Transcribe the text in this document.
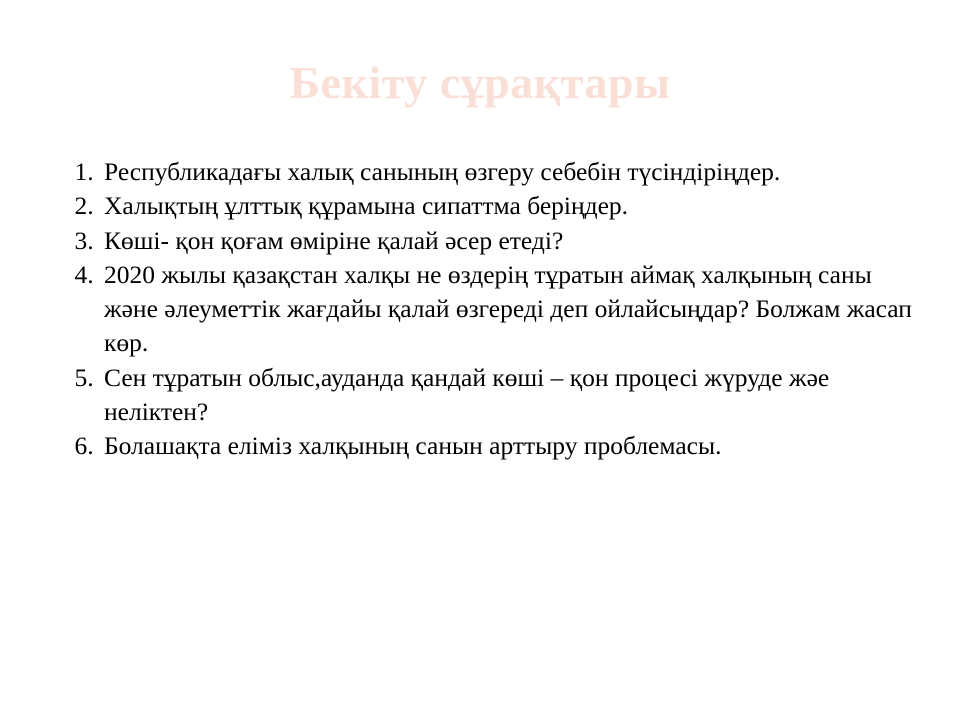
Бекіту сұрақтары
1. Республикадағы халық санының өзгеру себебін түсіндіріңдер.
2. Халықтың ұлттық құрамына сипаттма беріңдер.
3. Көші- қон қоғам өміріне қалай әсер етеді?
4. 2020 жылы қазақстан халқы не өздерің тұратын аймақ халқының саны және әлеуметтік жағдайы қалай өзгереді деп ойлайсыңдар? Болжам жасап көр.
5. Сен тұратын облыс,ауданда қандай көші – қон процесі жүруде жәе неліктен?
6. Болашақта еліміз халқының санын арттыру проблемасы.
